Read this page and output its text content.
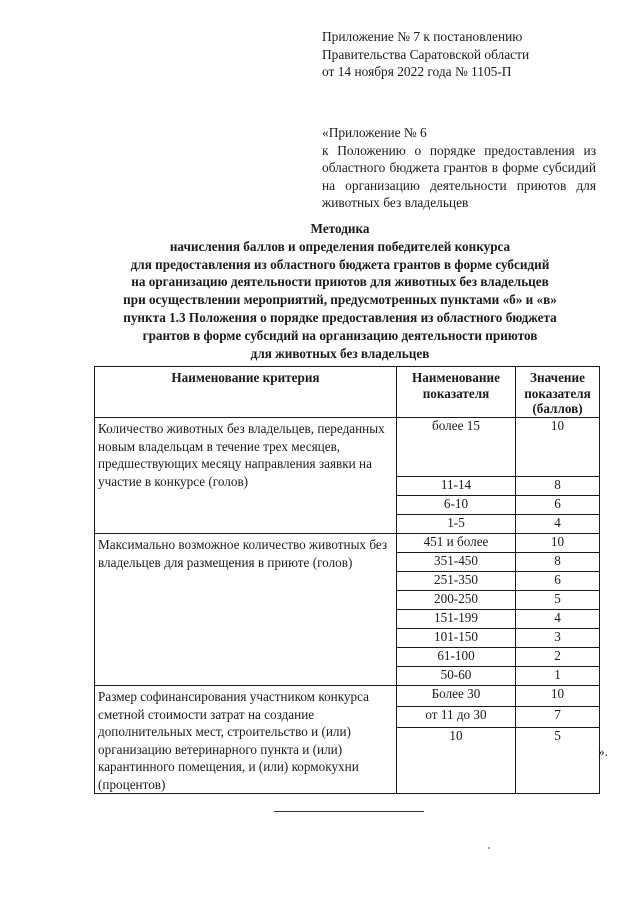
Приложение № 7 к постановлению
Правительства Саратовской области
от 14 ноября 2022 года № 1105-П
«Приложение № 6
к Положению о порядке предоставления из областного бюджета грантов в форме субсидий на организацию деятельности приютов для животных без владельцев
Методика
начисления баллов и определения победителей конкурса
для предоставления из областного бюджета грантов в форме субсидий
на организацию деятельности приютов для животных без владельцев
при осуществлении мероприятий, предусмотренных пунктами «б» и «в»
пункта 1.3 Положения о порядке предоставления из областного бюджета
грантов в форме субсидий на организацию деятельности приютов
для животных без владельцев
Наименование критерия	Наименование показателя	Значение показателя (баллов)
Количество животных без владельцев, переданных новым владельцам в течение трех месяцев, предшествующих месяцу направления заявки на участие в конкурсе (голов)	более 15	10
	11-14	8
	6-10	6
	1-5	4
Максимально возможное количество животных без владельцев для размещения в приюте (голов)	451 и более	10
	351-450	8
	251-350	6
	200-250	5
	151-199	4
	101-150	3
	61-100	2
	50-60	1
Размер софинансирования участником конкурса сметной стоимости затрат на создание дополнительных мест, строительство и (или) организацию ветеринарного пункта и (или) карантинного помещения, и (или) кормокухни (процентов)	Более 30	10
	от 11 до 30	7
	10	5
».
